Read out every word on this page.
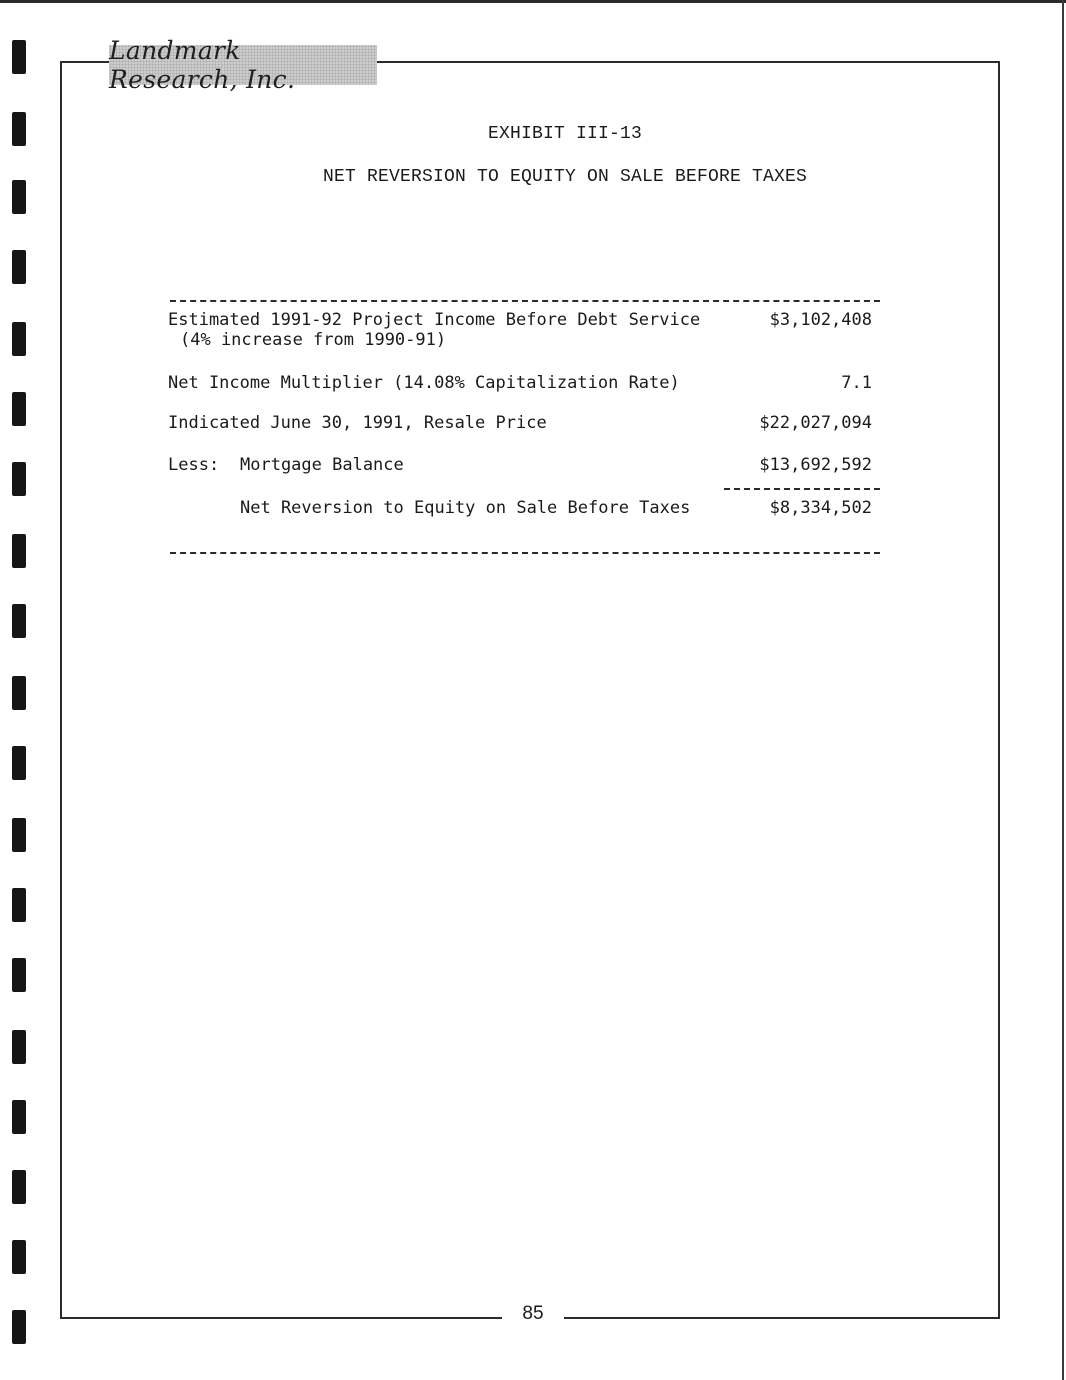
Landmark Research, Inc.
EXHIBIT III-13
NET REVERSION TO EQUITY ON SALE BEFORE TAXES
Estimated 1991-92 Project Income Before Debt Service	$3,102,408
(4% increase from 1990-91)
Net Income Multiplier (14.08% Capitalization Rate)	7.1
Indicated June 30, 1991, Resale Price	$22,027,094
Less: Mortgage Balance	$13,692,592
Net Reversion to Equity on Sale Before Taxes	$8,334,502
85
